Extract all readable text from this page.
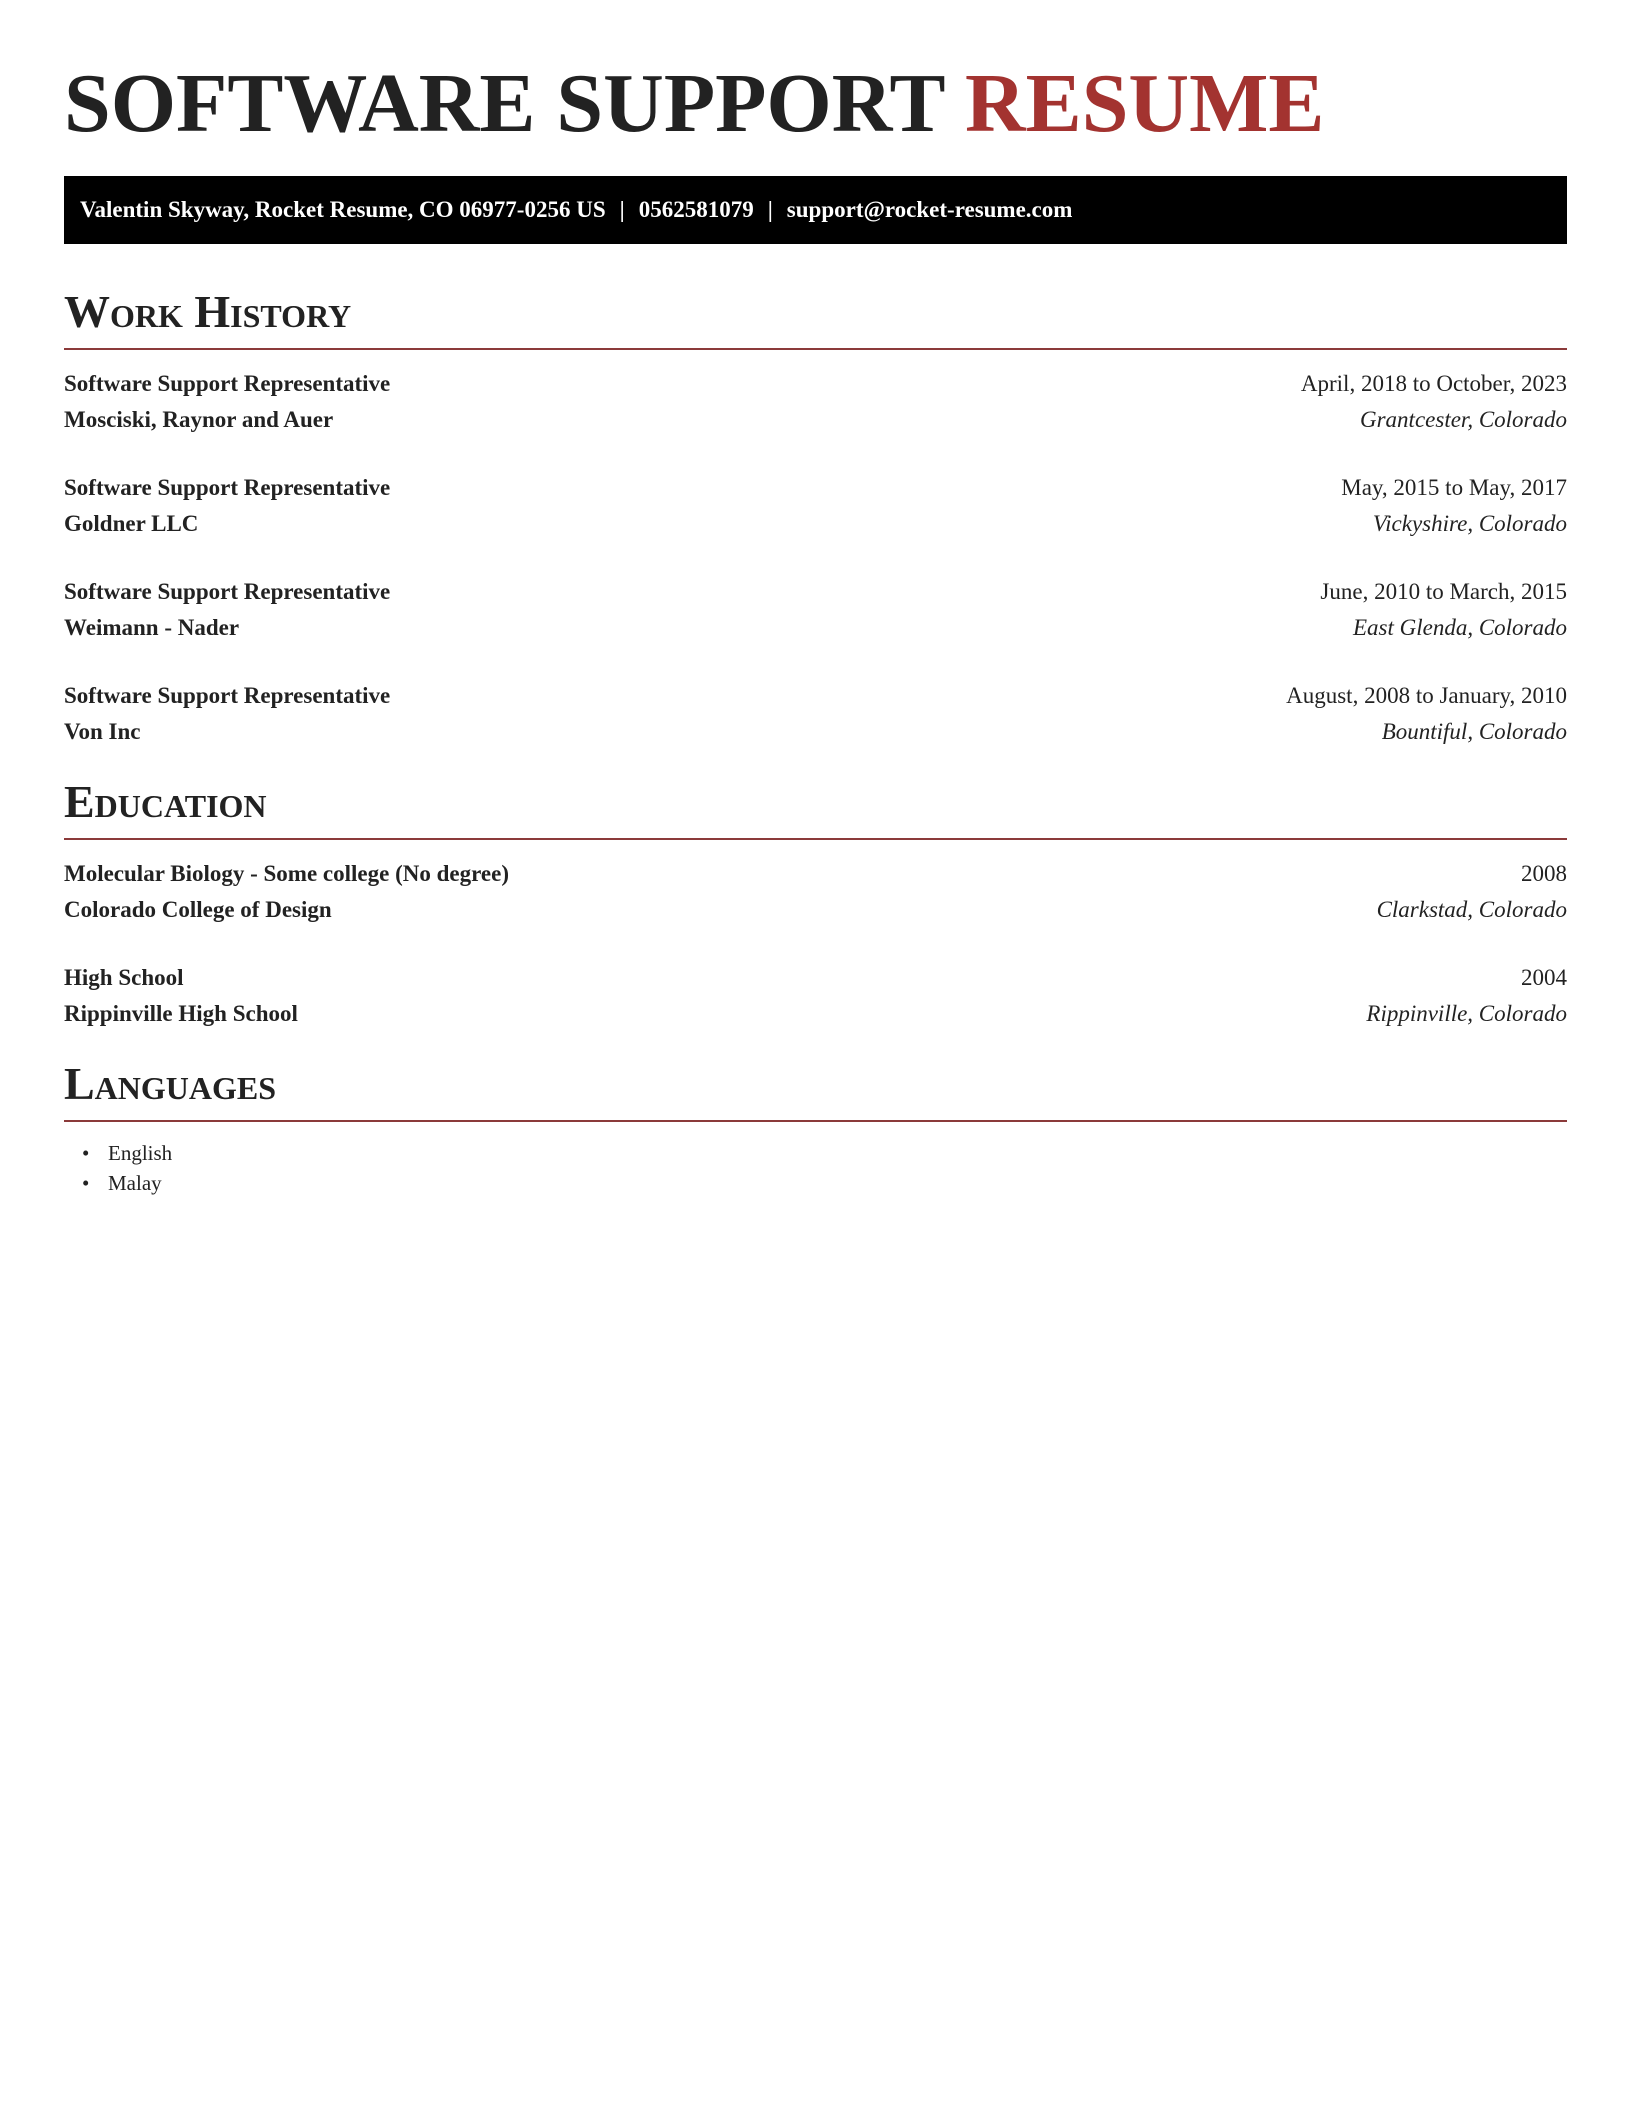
SOFTWARE SUPPORT RESUME
Valentin Skyway, Rocket Resume, CO 06977-0256 US | 0562581079 | support@rocket-resume.com
Work History
Software Support Representative	April, 2018 to October, 2023
Mosciski, Raynor and Auer	Grantcester, Colorado
Software Support Representative	May, 2015 to May, 2017
Goldner LLC	Vickyshire, Colorado
Software Support Representative	June, 2010 to March, 2015
Weimann - Nader	East Glenda, Colorado
Software Support Representative	August, 2008 to January, 2010
Von Inc	Bountiful, Colorado
Education
Molecular Biology - Some college (No degree)	2008
Colorado College of Design	Clarkstad, Colorado
High School	2004
Rippinville High School	Rippinville, Colorado
Languages
• English
• Malay
